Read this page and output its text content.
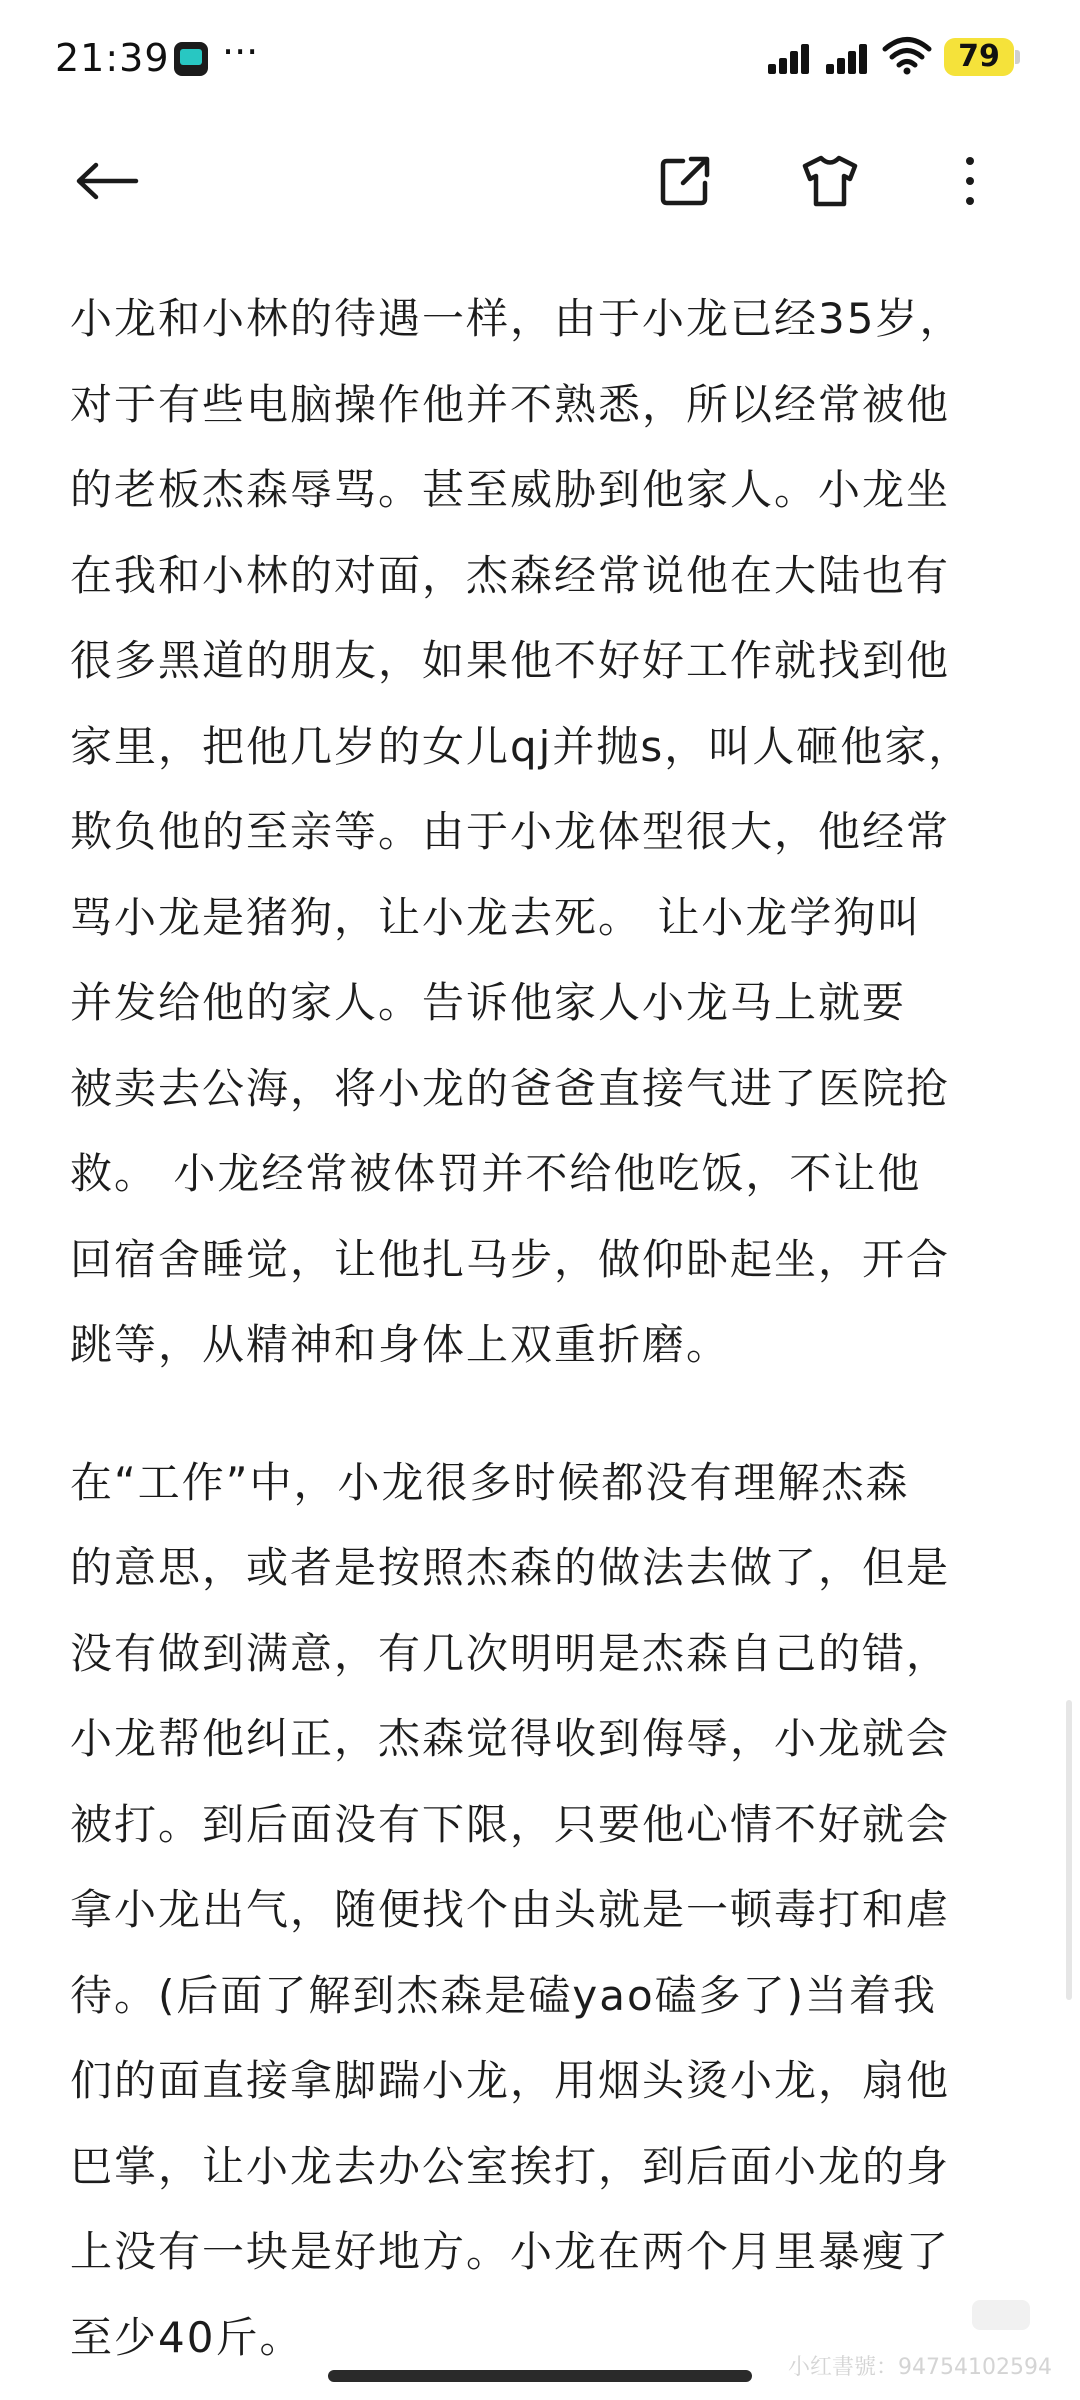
21:39 ···	79

小龙和小林的待遇一样，由于小龙已经35岁，
对于有些电脑操作他并不熟悉，所以经常被他
的老板杰森辱骂。甚至威胁到他家人。小龙坐
在我和小林的对面，杰森经常说他在大陆也有
很多黑道的朋友，如果他不好好工作就找到他
家里，把他几岁的女儿qj并抛s，叫人砸他家，
欺负他的至亲等。由于小龙体型很大，他经常
骂小龙是猪狗，让小龙去死。 让小龙学狗叫
并发给他的家人。告诉他家人小龙马上就要
被卖去公海，将小龙的爸爸直接气进了医院抢
救。 小龙经常被体罚并不给他吃饭，不让他
回宿舍睡觉，让他扎马步，做仰卧起坐，开合
跳等，从精神和身体上双重折磨。

在“工作”中，小龙很多时候都没有理解杰森
的意思，或者是按照杰森的做法去做了，但是
没有做到满意，有几次明明是杰森自己的错，
小龙帮他纠正，杰森觉得收到侮辱，小龙就会
被打。到后面没有下限，只要他心情不好就会
拿小龙出气，随便找个由头就是一顿毒打和虐
待。(后面了解到杰森是磕yao磕多了)当着我
们的面直接拿脚踹小龙，用烟头烫小龙，扇他
巴掌，让小龙去办公室挨打，到后面小龙的身
上没有一块是好地方。小龙在两个月里暴瘦了
至少40斤。

小红書號：94754102594
